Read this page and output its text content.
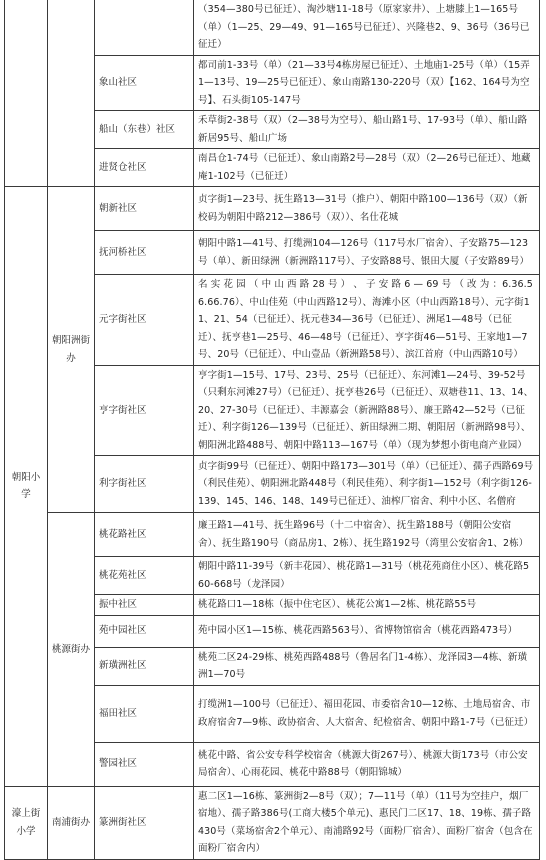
			（354—380号已征迁）、淘沙塘11-18号（原家家井）、上塘膝上1—165号（单）（1—25、29—49、91—165号已征迁）、兴隆巷2、9、36号（36号已征迁）
		象山社区	都司前1-33号（单）（21—33号4栋房屋已征迁）、土地庙1-25号（单）（15弄1—13号、19—25号已征迁）、象山南路130-220号（双）【162、164号为空号】、石头街105-147号
		船山（东巷）社区	禾草街2-38号（双）（2—38号为空号）、船山路1号、17-93号（单）、船山路新居95号、船山广场
		进贤仓社区	南昌仓1-74号（已征迁）、象山南路2号—28号（双）（2—26号已征迁）、地藏庵1-102号（已征迁）
朝阳小学	朝阳洲街办	朝新社区	贞字街1—23号、抚生路13—31号（推户）、朝阳中路100—136号（双）（新校码为朝阳中路212—386号（双））、名仕花城
		抚河桥社区	朝阳中路1—41号、打缆洲104—126号（117号水厂宿舍）、子安路75—123号（单）、新田绿洲（新洲路117号）、子安路88号、银田大厦（子安路89号）
		元字街社区	名 实 花 园 （ 中 山 西 路 28 号 ） 、 子 安 路 6 — 69 号 （ 改 为 ：6.36.56.66.76）、中山佳苑（中山西路12号）、海滩小区（中山西路18号）、元字街11、21、54（已征迁）、抚元巷34—36号（已征迁）、洲尾1—48号（已征迁）、抚亨巷1—25号、46—48号（已征迁）、亨字街46—51号、王家地1—7号、20号（已征迁）、中山壹品（新洲路58号）、滨江首府（中山西路10号）
		亨字街社区	亨字街1—15号、17号、23号、25号（已征迁）、东河滩1—24号、39-52号（只剩东河滩27号）（已征迁）、抚亨巷26号（已征迁）、双塘巷11、13、14、20、27-30号（已征迁）、丰源嘉会（新洲路88号）、廉王路42—52号（已征迁）、利字街126—139号（已征迁）、新田绿洲二期、朝阳居（新洲路98号）、朝阳洲北路488号、朝阳中路113—167号（单）（现为梦想小街电商产业园）
		利字街社区	贞字街99号（已征迁）、朝阳中路173—301号（单）（已征迁）、孺子西路69号（利民佳苑）、朝阳洲北路448号（利民佳苑）、利字街1—152号（利字街126-139、145、146、148、149号已征迁）、油榨厂宿舍、利中小区、名僧府
	桃源街办	桃花路社区	廉王路1—41号、抚生路96号（十二中宿舍）、抚生路188号（朝阳公安宿舍）、抚生路190号（商品房1、2栋）、抚生路192号（湾里公安宿舍1、2栋）
		桃花苑社区	朝阳中路11-39号（新丰花园）、桃花路1—31号（桃花苑商住小区）、桃花路560-668号（龙泽园）
		振中社区	桃花路口1—18栋（振中住宅区）、桃花公寓1—2栋、桃花路55号
		苑中园社区	苑中园小区1—15栋、桃花西路563号）、省博物馆宿舍（桃花西路473号）
		新璜洲社区	桃苑二区24-29栋、桃苑西路488号（鲁居名门1-4栋）、龙泽园3—4栋、新璜洲1—70号
		福田社区	打缆洲1—100号（已征迁）、福田花园、市委宿舍10—12栋、土地局宿舍、市政府宿舍7—9栋、政协宿舍、人大宿舍、纪检宿舍、朝阳中路1-7号（已征迁）
		警园社区	桃花中路、省公安专科学校宿舍（桃源大街267号）、桃源大街173号（市公安局宿舍）、心雨花园、桃花中路88号（朝阳锦城）
濠上街小学	南浦街办	篆洲街社区	惠二区1—16栋、篆洲街2—8号（双）；7—11号（单）（11号为空挂户，烟厂宿地）、孺子路386号(工商大楼5个单元)、惠民门二区17、18、19栋、孺子路430号（菜场宿舍2个单元）、南浦路92号（面粉厂宿舍）、面粉厂宿舍（包含在面粉厂宿舍内）
